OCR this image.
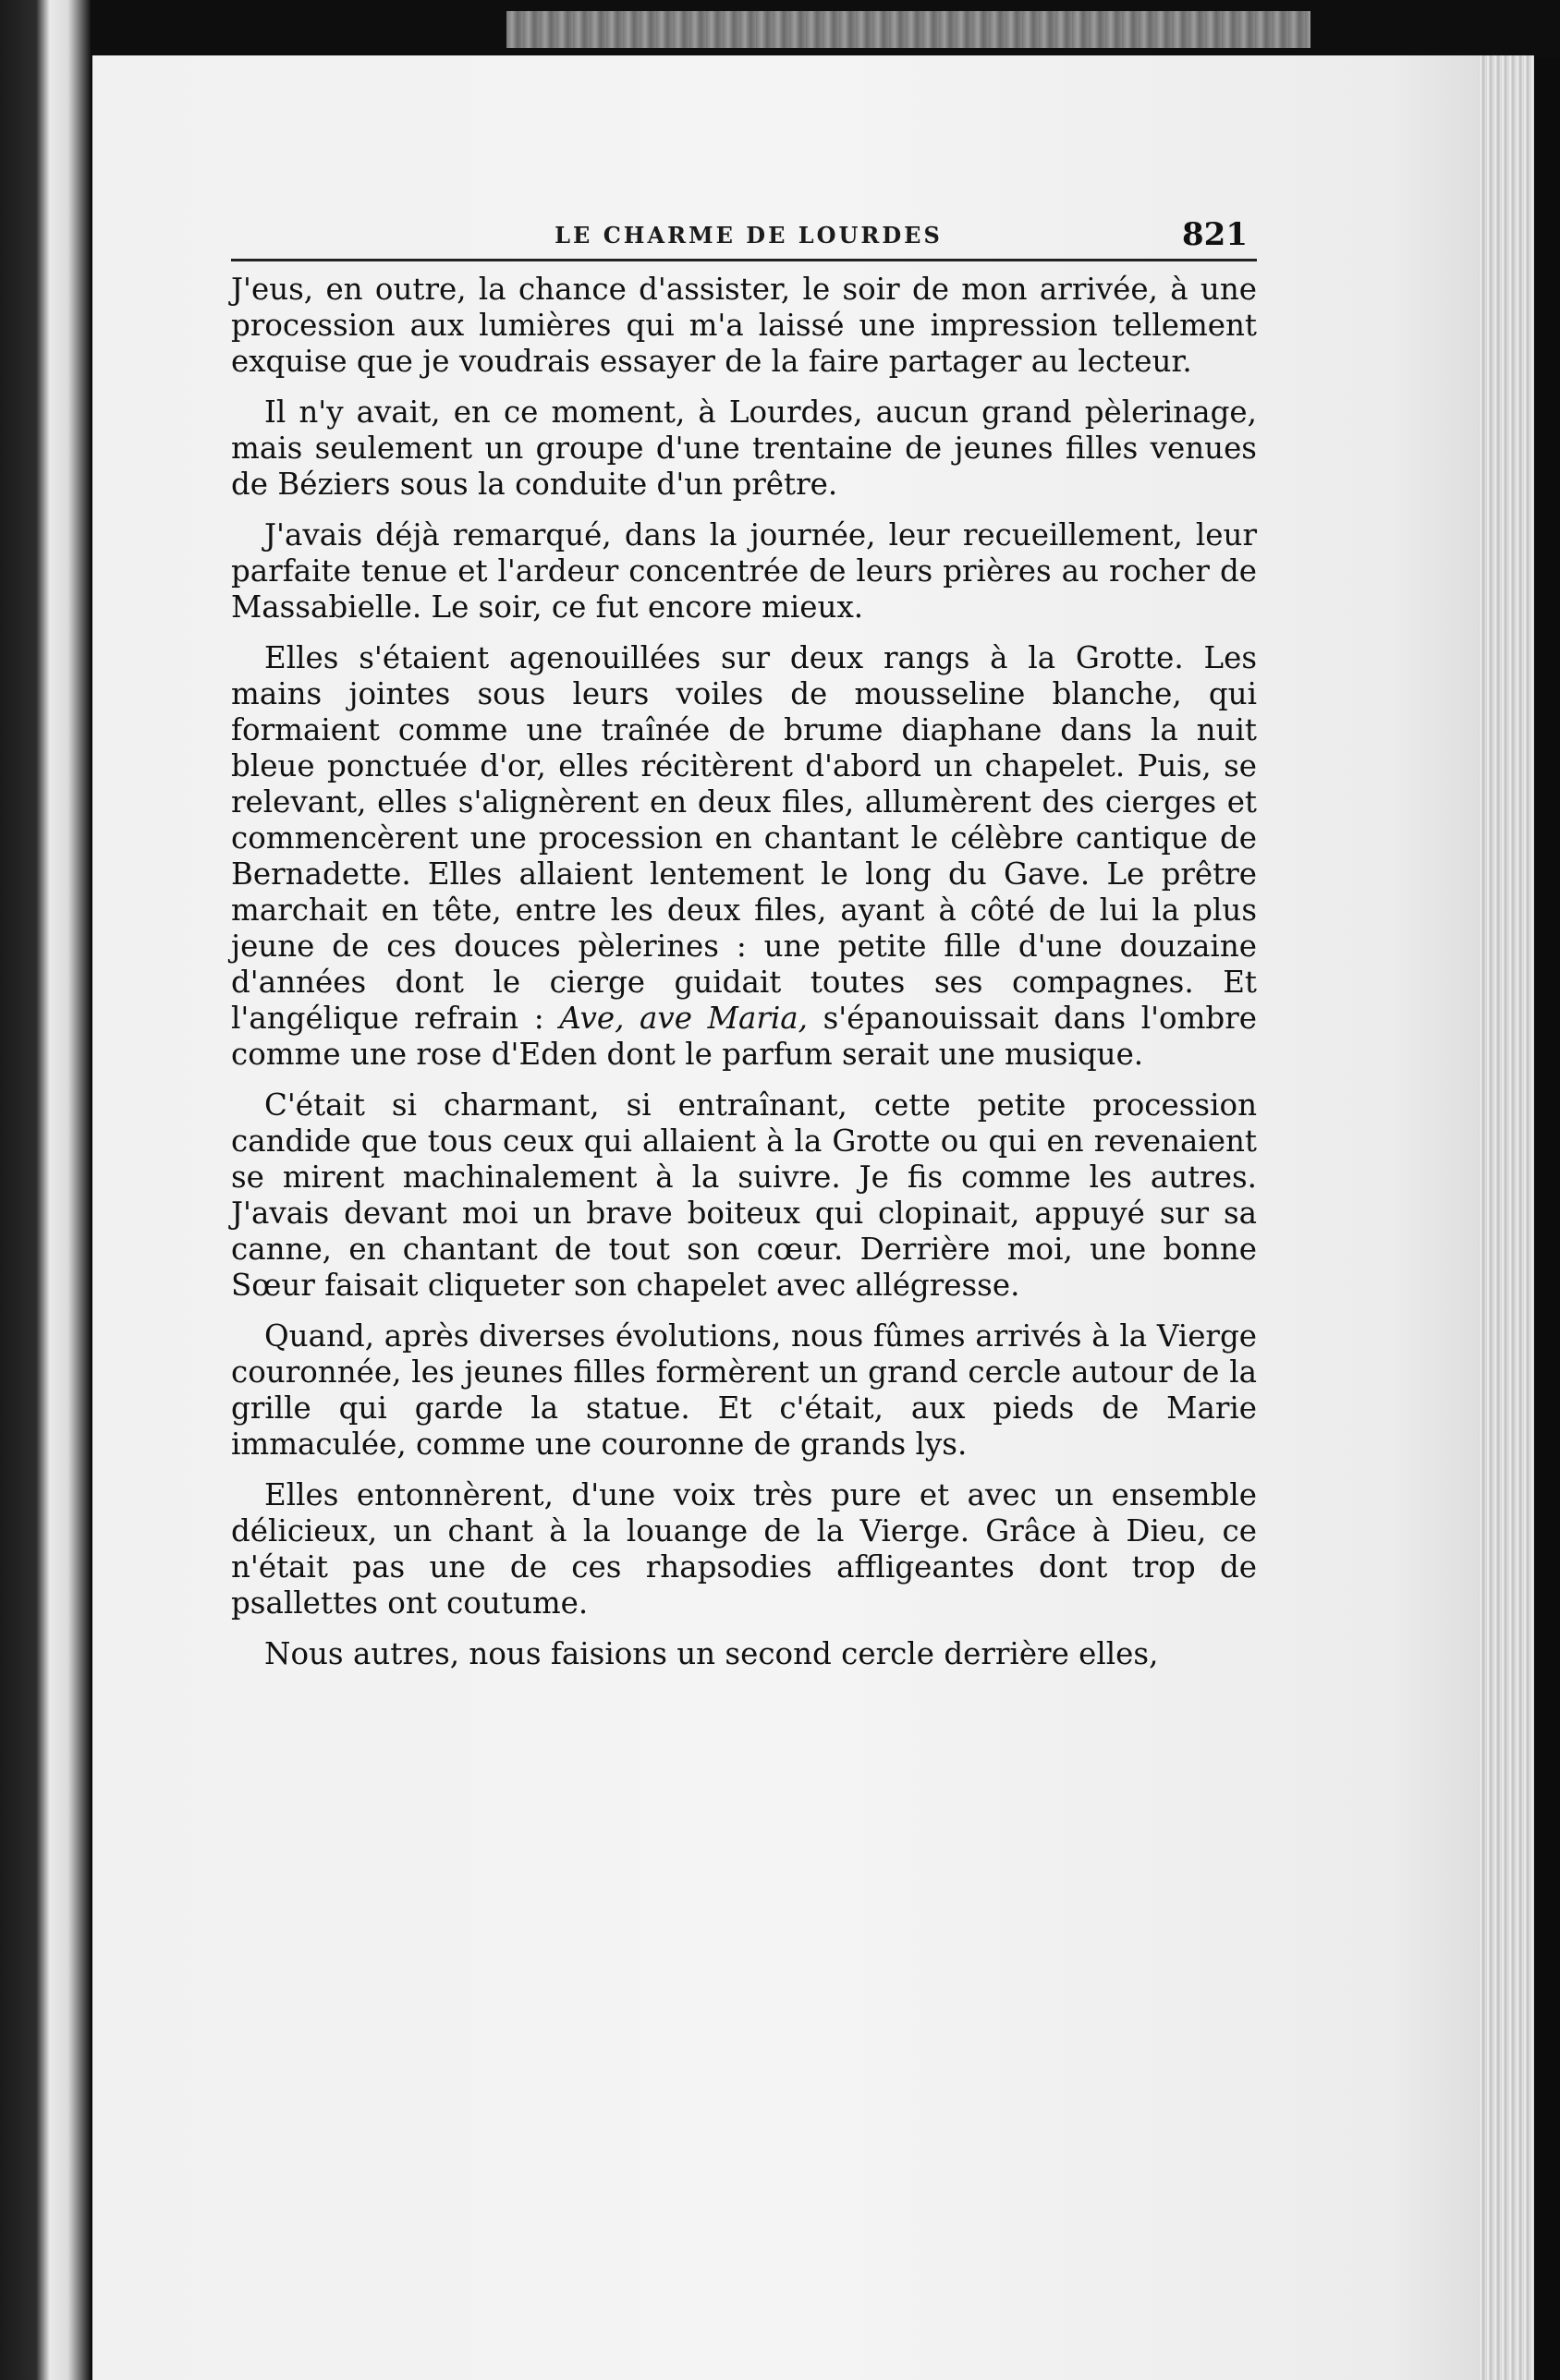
LE CHARME DE LOURDES	821

J'eus, en outre, la chance d'assister, le soir de mon arrivée, à une procession aux lumières qui m'a laissé une impression tellement exquise que je voudrais essayer de la faire partager au lecteur.

Il n'y avait, en ce moment, à Lourdes, aucun grand pèlerinage, mais seulement un groupe d'une trentaine de jeunes filles venues de Béziers sous la conduite d'un prêtre.

J'avais déjà remarqué, dans la journée, leur recueillement, leur parfaite tenue et l'ardeur concentrée de leurs prières au rocher de Massabielle. Le soir, ce fut encore mieux.

Elles s'étaient agenouillées sur deux rangs à la Grotte. Les mains jointes sous leurs voiles de mousseline blanche, qui formaient comme une traînée de brume diaphane dans la nuit bleue ponctuée d'or, elles récitèrent d'abord un chapelet. Puis, se relevant, elles s'alignèrent en deux files, allumèrent des cierges et commencèrent une procession en chantant le célèbre cantique de Bernadette. Elles allaient lentement le long du Gave. Le prêtre marchait en tête, entre les deux files, ayant à côté de lui la plus jeune de ces douces pèlerines : une petite fille d'une douzaine d'années dont le cierge guidait toutes ses compagnes. Et l'angélique refrain : Ave, ave Maria, s'épanouissait dans l'ombre comme une rose d'Eden dont le parfum serait une musique.

C'était si charmant, si entraînant, cette petite procession candide que tous ceux qui allaient à la Grotte ou qui en revenaient se mirent machinalement à la suivre. Je fis comme les autres. J'avais devant moi un brave boiteux qui clopinait, appuyé sur sa canne, en chantant de tout son cœur. Derrière moi, une bonne Sœur faisait cliqueter son chapelet avec allégresse.

Quand, après diverses évolutions, nous fûmes arrivés à la Vierge couronnée, les jeunes filles formèrent un grand cercle autour de la grille qui garde la statue. Et c'était, aux pieds de Marie immaculée, comme une couronne de grands lys.

Elles entonnèrent, d'une voix très pure et avec un ensemble délicieux, un chant à la louange de la Vierge. Grâce à Dieu, ce n'était pas une de ces rhapsodies affligeantes dont trop de psallettes ont coutume.

Nous autres, nous faisions un second cercle derrière elles,
